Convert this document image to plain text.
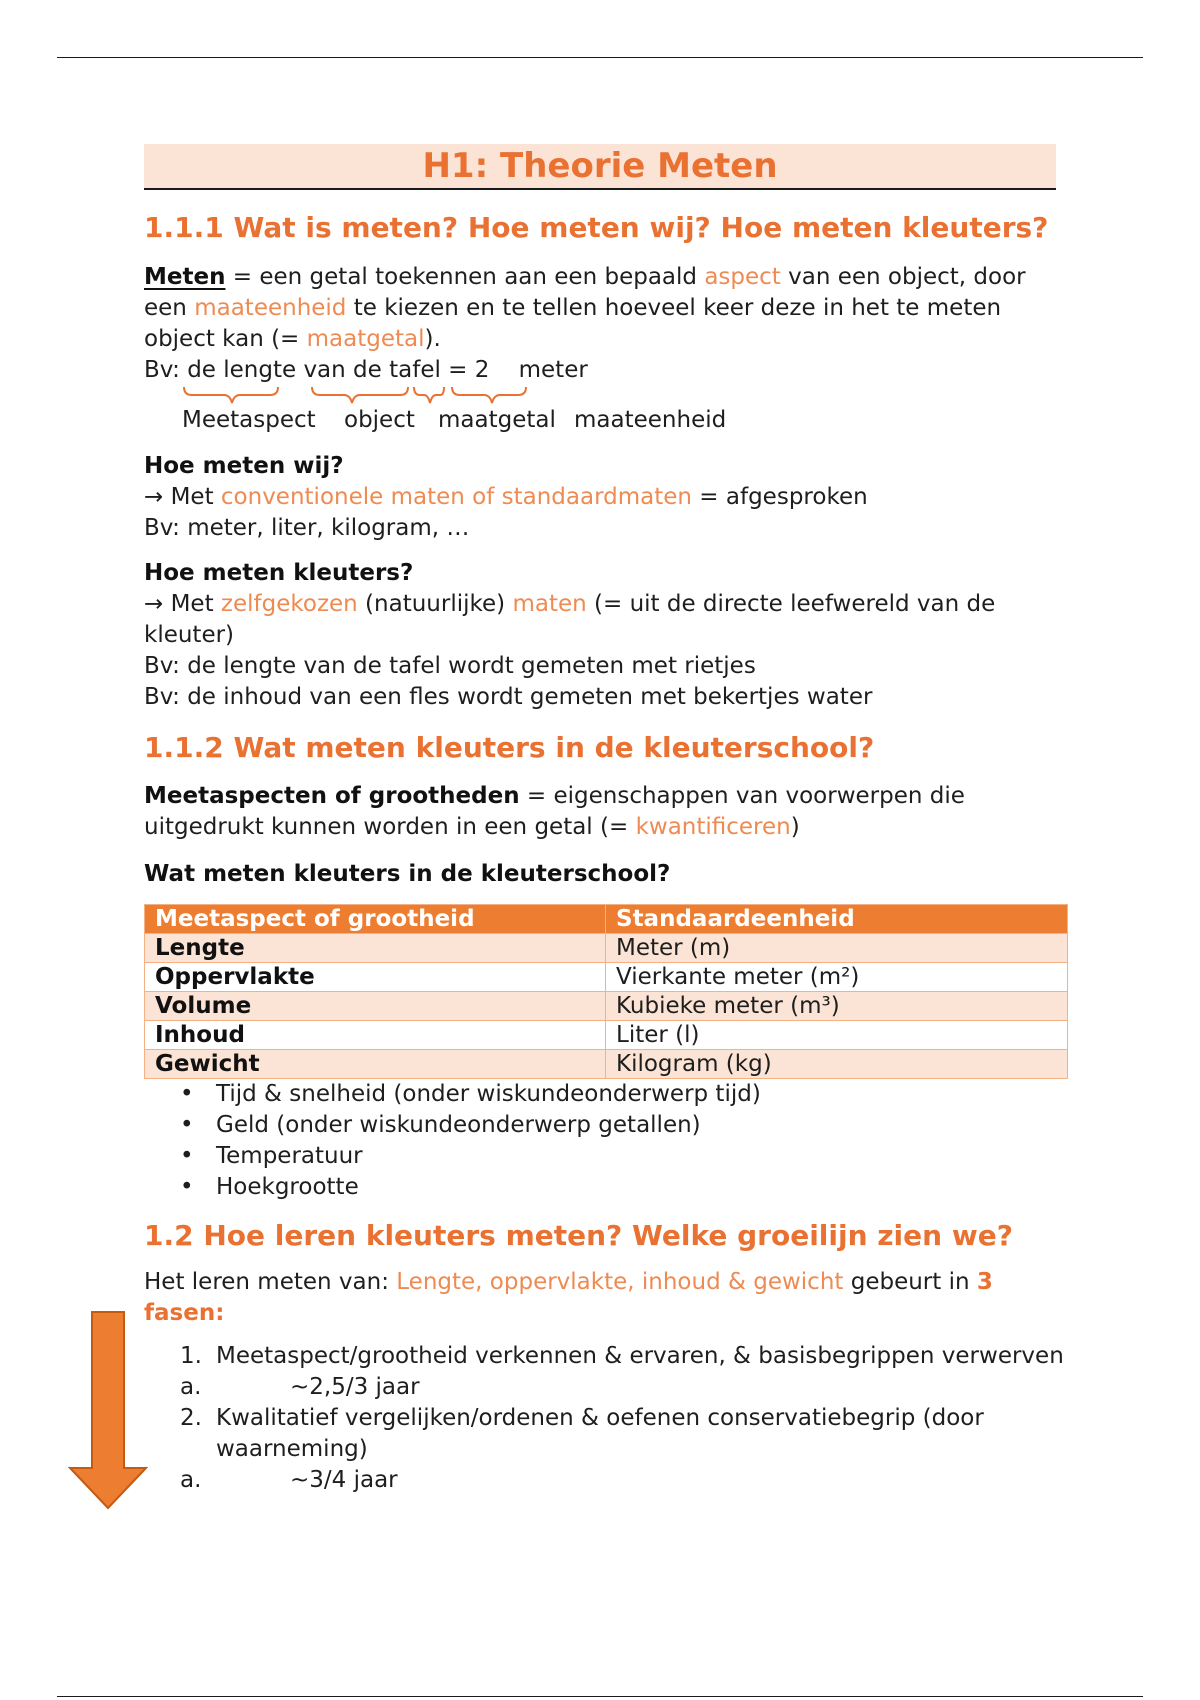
H1: Theorie Meten
1.1.1 Wat is meten? Hoe meten wij? Hoe meten kleuters?

Meten = een getal toekennen aan een bepaald aspect van een object, door een maateenheid te kiezen en te tellen hoeveel keer deze in het te meten object kan (= maatgetal).

Bv: de lengte van de tafel = 2    meter
Meetaspect object maatgetal maateenheid
Hoe meten wij?

→ Met conventionele maten of standaardmaten = afgesproken

Bv: meter, liter, kilogram, …

Hoe meten kleuters?

→ Met zelfgekozen (natuurlijke) maten (= uit de directe leefwereld van de kleuter)

Bv: de lengte van de tafel wordt gemeten met rietjes

Bv: de inhoud van een fles wordt gemeten met bekertjes water

1.1.2 Wat meten kleuters in de kleuterschool?

Meetaspecten of grootheden = eigenschappen van voorwerpen die uitgedrukt kunnen worden in een getal (= kwantificeren)

Wat meten kleuters in de kleuterschool?
Meetaspect of grootheid	Standaardeenheid
Lengte	Meter (m)
Oppervlakte	Vierkante meter (m²)
Volume	Kubieke meter (m³)
Inhoud	Liter (l)
Gewicht	Kilogram (kg)
• Tijd & snelheid (onder wiskundeonderwerp tijd)
• Geld (onder wiskundeonderwerp getallen)
• Temperatuur
• Hoekgrootte
1.2 Hoe leren kleuters meten? Welke groeilijn zien we?

Het leren meten van: Lengte, oppervlakte, inhoud & gewicht gebeurt in 3 fasen:

1. Meetaspect/grootheid verkennen & ervaren, & basisbegrippen verwerven
a.	~2,5/3 jaar
2. Kwalitatief vergelijken/ordenen & oefenen conservatiebegrip (door waarneming)
a.	~3/4 jaar
